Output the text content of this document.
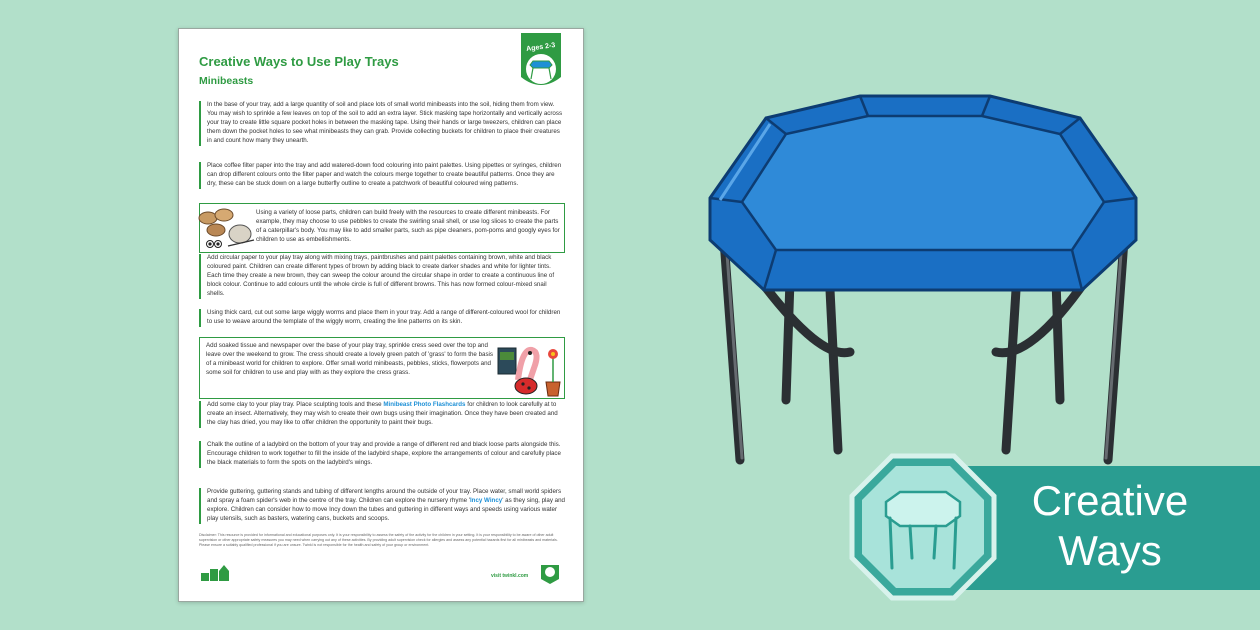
Creative Ways to Use Play Trays
Minibeasts
Ages 2-3
In the base of your tray, add a large quantity of soil and place lots of small world minibeasts into the soil, hiding them from view. You may wish to sprinkle a few leaves on top of the soil to add an extra layer. Stick masking tape horizontally and vertically across your tray to create little square pocket holes in between the masking tape. Using their hands or large tweezers, children can place them down the pocket holes to see what minibeasts they can grab. Provide collecting buckets for children to place their creatures in and count how many they unearth.
Place coffee filter paper into the tray and add watered-down food colouring into paint palettes. Using pipettes or syringes, children can drop different colours onto the filter paper and watch the colours merge together to create beautiful patterns. Once they are dry, these can be stuck down on a large butterfly outline to create a patchwork of beautiful coloured wing patterns.
Using a variety of loose parts, children can build freely with the resources to create different minibeasts. For example, they may choose to use pebbles to create the swirling snail shell, or use log slices to create the parts of a caterpillar's body. You may like to add smaller parts, such as pipe cleaners, pom-poms and googly eyes for children to use as embellishments.
Add circular paper to your play tray along with mixing trays, paintbrushes and paint palettes containing brown, white and black coloured paint. Children can create different types of brown by adding black to create darker shades and white for lighter tints. Each time they create a new brown, they can sweep the colour around the circular shape in order to create a continuous line of block colour. Continue to add colours until the whole circle is full of different browns. This has now formed colour-mixed snail shells.
Using thick card, cut out some large wiggly worms and place them in your tray. Add a range of different-coloured wool for children to use to weave around the template of the wiggly worm, creating the line patterns on its skin.
Add soaked tissue and newspaper over the base of your play tray, sprinkle cress seed over the top and leave over the weekend to grow. The cress should create a lovely green patch of 'grass' to form the basis of a minibeast world for children to explore. Offer small world minibeasts, pebbles, sticks, flowerpots and some soil for children to use and play with as they explore the cress grass.
Add some clay to your play tray. Place sculpting tools and these Minibeast Photo Flashcards for children to look carefully at to create an insect. Alternatively, they may wish to create their own bugs using their imagination. Once they have been created and the clay has dried, you may like to offer children the opportunity to paint their bugs.
Chalk the outline of a ladybird on the bottom of your tray and provide a range of different red and black loose parts alongside this. Encourage children to work together to fill the inside of the ladybird shape, explore the arrangements of colour and carefully place the black materials to form the spots on the ladybird's wings.
Provide guttering, guttering stands and tubing of different lengths around the outside of your tray. Place water, small world spiders and spray a foam spider's web in the centre of the tray. Children can explore the nursery rhyme 'Incy Wincy' as they sing, play and explore. Children can consider how to move Incy down the tubes and guttering in different ways and speeds using various water play utensils, such as basters, watering cans, buckets and scoops.
Disclaimer: This resource is provided for informational and educational purposes only. It is your responsibility to assess the safety of the activity for the children in your setting. It is your responsibility to be aware of other adult supervision or other appropriate safety measures you may need when carrying out any of these activities. By providing adult supervision check for allergies and assess any potential hazards first for all minibeasts and materials. Please ensure a suitably qualified professional if you are unsure. Twinkl is not responsible for the health and safety of your group or environment.
visit twinkl.com
Creative
Ways
